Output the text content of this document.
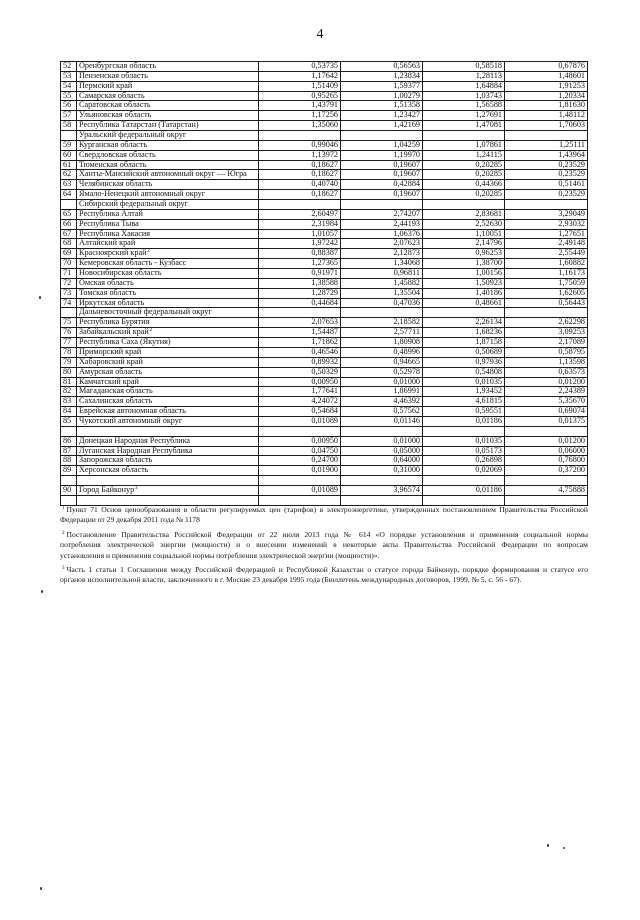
4
52 Оренбургская область	0,53735	0,56563	0,58518	0,67876
53 Пензенская область	1,17642	1,23834	1,28113	1,48601
54 Пермский край	1,51409	1,59377	1,64884	1,91253
55 Самарская область	0,95265	1,00279	1,03743	1,20334
56 Саратовская область	1,43791	1,51358	1,56588	1,81630
57 Ульяновская область	1,17256	1,23427	1,27691	1,48112
58 Республика Татарстан (Татарстан)	1,35060	1,42169	1,47081	1,70603
Уральский федеральный округ
59 Курганская область	0,99046	1,04259	1,07861	1,25111
60 Свердловская область	1,13972	1,19970	1,24115	1,43964
61 Тюменская область	0,18627	0,19607	0,20285	0,23529
62 Ханты-Мансийский автономный округ — Югра	0,18627	0,19607	0,20285	0,23529
63 Челябинская область	0,40740	0,42884	0,44366	0,51461
64 Ямало-Ненецкий автономный округ	0,18627	0,19607	0,20285	0,23529
Сибирский федеральный округ
65 Республика Алтай	2,60497	2,74207	2,83681	3,29049
66 Республика Тыва	2,31984	2,44193	2,52630	2,93032
67 Республика Хакасия	1,01057	1,06376	1,10051	1,27651
68 Алтайский край	1,97242	2,07623	2,14796	2,49148
69 Красноярский край$^2$	0,88387	2,12873	0,96253	2,55449
70 Кемеровская область - Кузбасс	1,27365	1,34068	1,38700	1,60882
71 Новосибирская область	0,91971	0,96811	1,00156	1,16173
72 Омская область	1,38588	1,45882	1,50923	1,75059
73 Томская область	1,28729	1,35504	1,40186	1,62605
74 Иркутская область	0,44684	0,47036	0,48661	0,56443
Дальневосточный федеральный округ
75 Республика Бурятия	2,07653	2,18582	2,26134	2,62298
76 Забайкальский край$^2$	1,54487	2,57711	1,68236	3,09253
77 Республика Саха (Якутия)	1,71862	1,80908	1,87158	2,17089
78 Приморский край	0,46546	0,48996	0,50689	0,58795
79 Хабаровский край	0,89932	0,94665	0,97936	1,13598
80 Амурская область	0,50329	0,52978	0,54808	0,63573
81 Камчатский край	0,00950	0,01000	0,01035	0,01200
82 Магаданская область	1,77641	1,86991	1,93452	2,24389
83 Сахалинская область	4,24072	4,46392	4,61815	5,35670
84 Еврейская автономная область	0,54684	0,57562	0,59551	0,69074
85 Чукотский автономный округ	0,01089	0,01146	0,01186	0,01375
86 Донецкая Народная Республика	0,00950	0,01000	0,01035	0,01200
87 Луганская Народная Республика	0,04750	0,05000	0,05173	0,06000
88 Запорожская область	0,24700	0,64000	0,26898	0,76800
89 Херсонская область	0,01900	0,31000	0,02069	0,37200
90 Город Байконур$^3$	0,01089	3,96574	0,01186	4,75888
$^1$ Пункт 71 Основ ценообразования в области регулируемых цен (тарифов) в электроэнергетике, утвержденных постановлением Правительства Российской
Федерации от 29 декабря 2011 года № 1178
$^2$ Постановление Правительства Российской Федерации от 22 июля 2013 года № 614 «О порядке установления и применения социальной нормы
потребления электрической энергии (мощности) и о внесении изменений в некоторые акты Правительства Российской Федерации по вопросам
установления и применения социальной нормы потребления электрической энергии (мощности)».
$^3$ Часть 1 статьи 1 Соглашения между Российской Федерацией и Республикой Казахстан о статусе города Байконур, порядке формирования и статусе его
органов исполнительной власти, заключенного в г. Москве 23 декабря 1995 года (Бюллетень международных договоров, 1999, № 5, с. 56 - 67).
